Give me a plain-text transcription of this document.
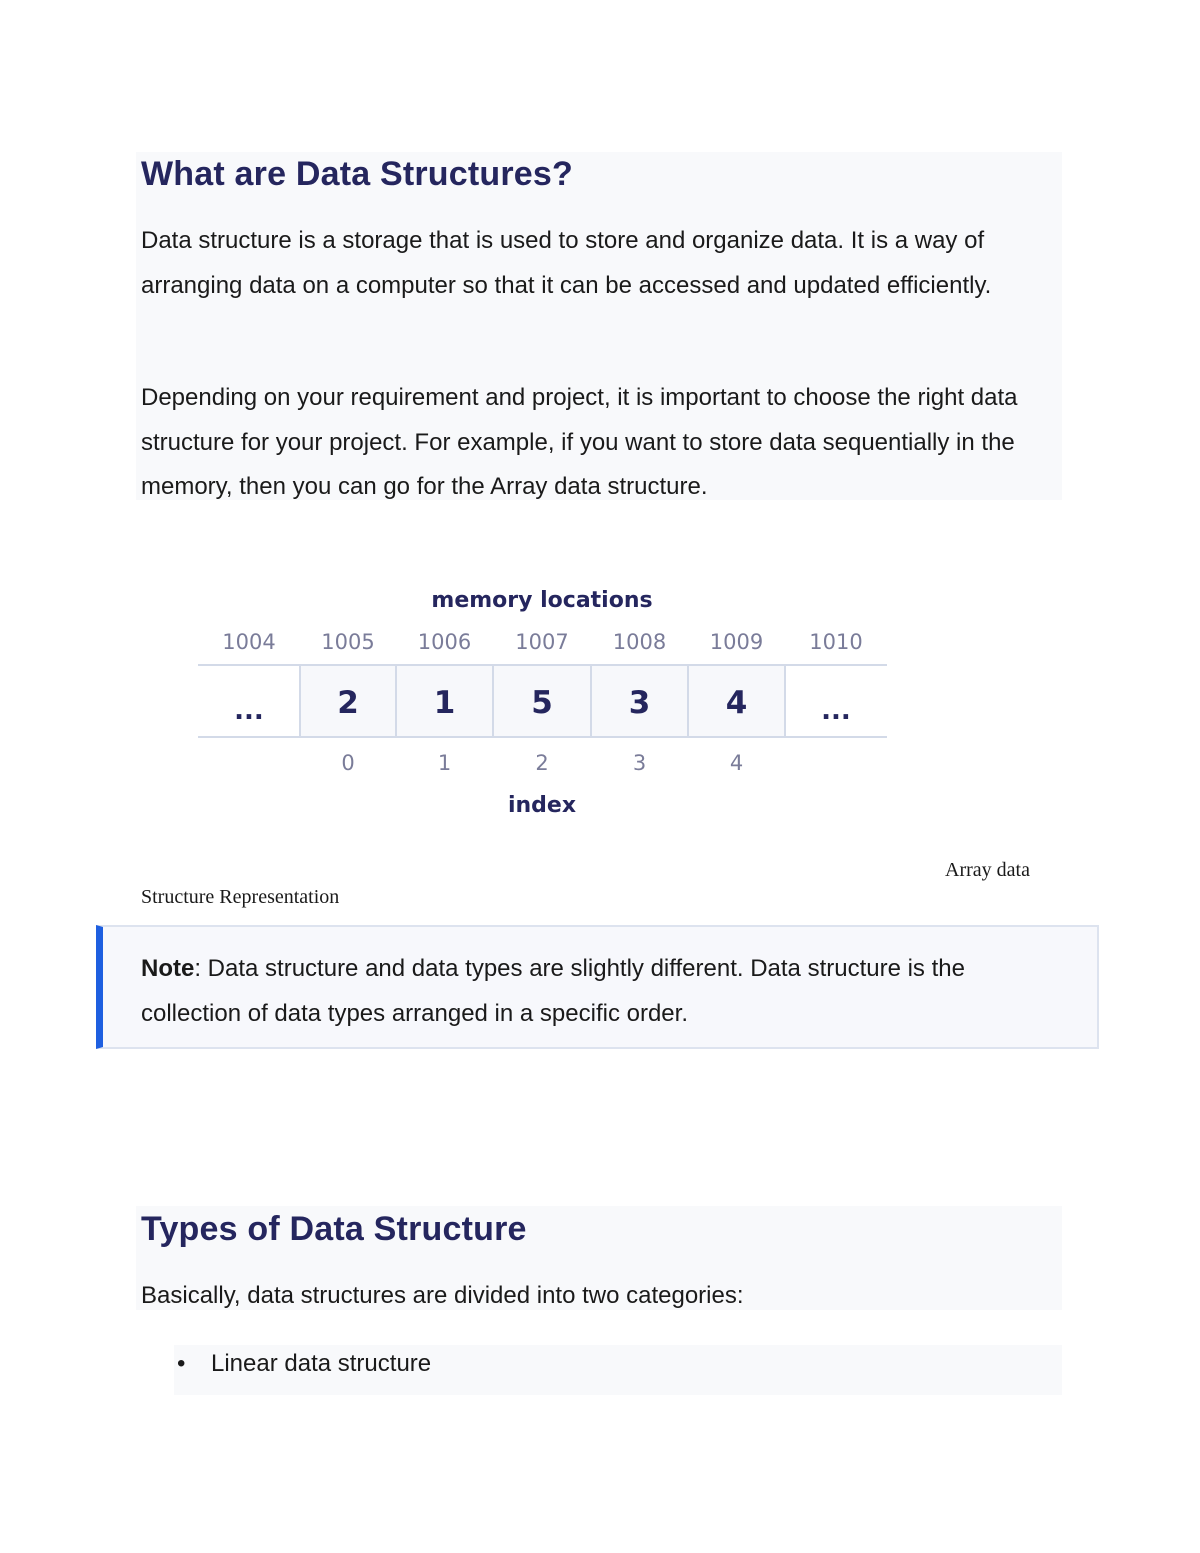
What are Data Structures?

Data structure is a storage that is used to store and organize data. It is a way of arranging data on a computer so that it can be accessed and updated efficiently.

Depending on your requirement and project, it is important to choose the right data structure for your project. For example, if you want to store data sequentially in the memory, then you can go for the Array data structure.

1004
...
1005
2
0
1006
1
1
1007
5
2
1008
3
3
1009
4
4
1010
...
memory locations
index
Array data
Structure Representation

Note: Data structure and data types are slightly different. Data structure is the collection of data types arranged in a specific order.

Types of Data Structure

Basically, data structures are divided into two categories:

• Linear data structure
